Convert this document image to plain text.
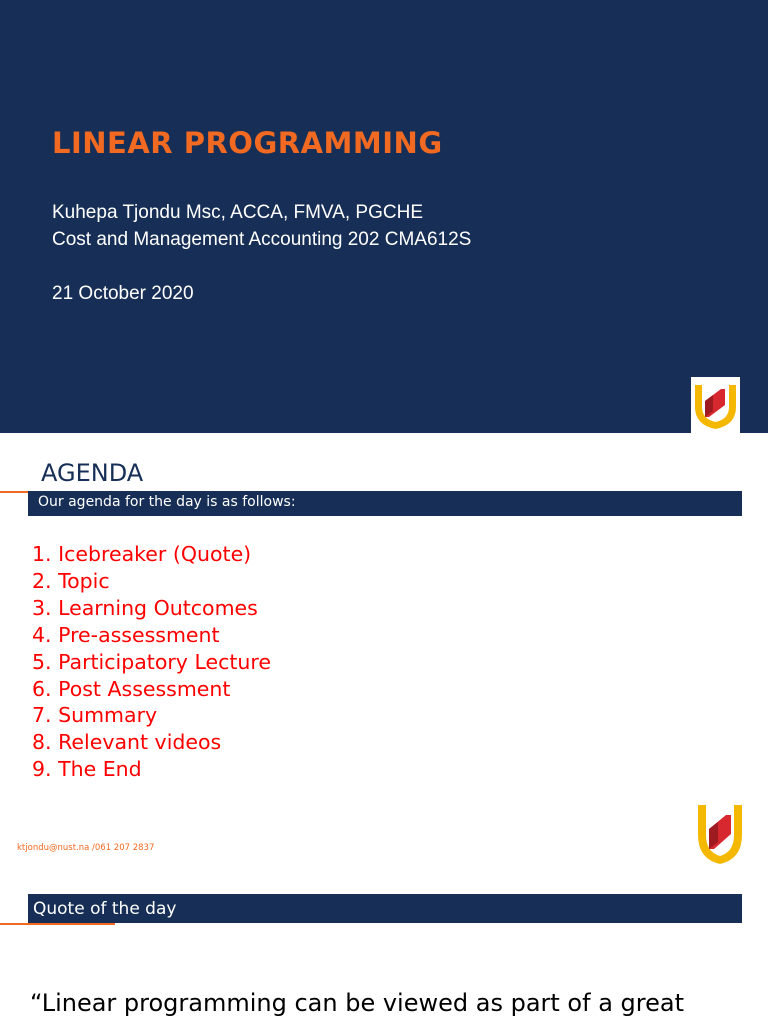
LINEAR PROGRAMMING
Kuhepa Tjondu Msc, ACCA, FMVA, PGCHE
Cost and Management Accounting 202 CMA612S
21 October 2020
AGENDA
Our agenda for the day is as follows:
1. Icebreaker (Quote)
2. Topic
3. Learning Outcomes
4. Pre-assessment
5. Participatory Lecture
6. Post Assessment
7. Summary
8. Relevant videos
9. The End
ktjondu@nust.na /061 207 2837
Quote of the day
“Linear programming can be viewed as part of a great
